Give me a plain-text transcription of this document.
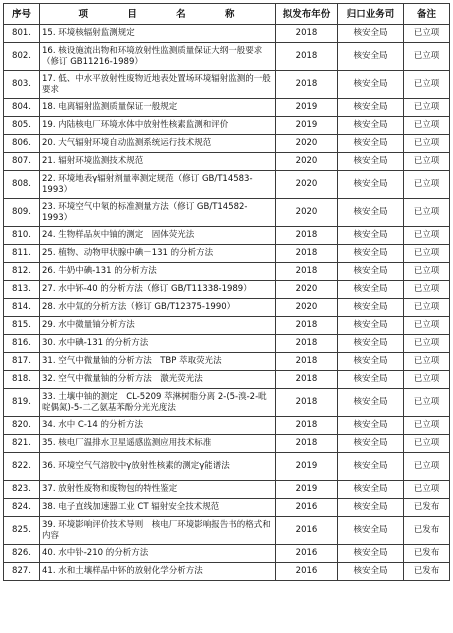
序号	项 目 名 称	拟发布年份	归口业务司	备注
801.	15. 环境核辐射监测规定	2018	核安全局	已立项
802.	16. 核设施流出物和环境放射性监测质量保证大纲一般要求（修订 GB11216-1989）	2018	核安全局	已立项
803.	17. 低、中水平放射性废物近地表处置场环境辐射监测的一般要求	2018	核安全局	已立项
804.	18. 电离辐射监测质量保证一般规定	2019	核安全局	已立项
805.	19. 内陆核电厂环境水体中放射性核素监测和评价	2019	核安全局	已立项
806.	20. 大气辐射环境自动监测系统运行技术规范	2020	核安全局	已立项
807.	21. 辐射环境监测技术规范	2020	核安全局	已立项
808.	22. 环境地表γ辐射剂量率测定规范（修订 GB/T14583-1993）	2020	核安全局	已立项
809.	23. 环境空气中氡的标准测量方法（修订 GB/T14582-1993）	2020	核安全局	已立项
810.	24. 生物样品灰中铀的测定　固体荧光法	2018	核安全局	已立项
811.	25. 植物、动物甲状腺中碘－131 的分析方法	2018	核安全局	已立项
812.	26. 牛奶中碘-131 的分析方法	2018	核安全局	已立项
813.	27. 水中钚-40 的分析方法（修订 GB/T11338-1989）	2020	核安全局	已立项
814.	28. 水中氚的分析方法（修订 GB/T12375-1990）	2020	核安全局	已立项
815.	29. 水中微量铀分析方法	2018	核安全局	已立项
816.	30. 水中碘-131 的分析方法	2018	核安全局	已立项
817.	31. 空气中微量铀的分析方法　TBP 萃取荧光法	2018	核安全局	已立项
818.	32. 空气中微量铀的分析方法　激光荧光法	2018	核安全局	已立项
819.	33. 土壤中铀的测定　CL-5209 萃淋树脂分离 2-(5-溴-2-吡啶偶氮)-5-二乙氨基苯酚分光光度法	2018	核安全局	已立项
820.	34. 水中 C-14 的分析方法	2018	核安全局	已立项
821.	35. 核电厂温排水卫星遥感监测应用技术标准	2018	核安全局	已立项
822.	36. 环境空气气溶胶中γ放射性核素的测定γ能谱法	2019	核安全局	已立项
823.	37. 放射性废物和废物包的特性鉴定	2019	核安全局	已立项
824.	38. 电子直线加速器工业 CT 辐射安全技术规范	2016	核安全局	已发布
825.	39. 环境影响评价技术导则　核电厂环境影响报告书的格式和内容	2016	核安全局	已发布
826.	40. 水中钋-210 的分析方法	2016	核安全局	已发布
827.	41. 水和土壤样品中钚的放射化学分析方法	2016	核安全局	已发布
